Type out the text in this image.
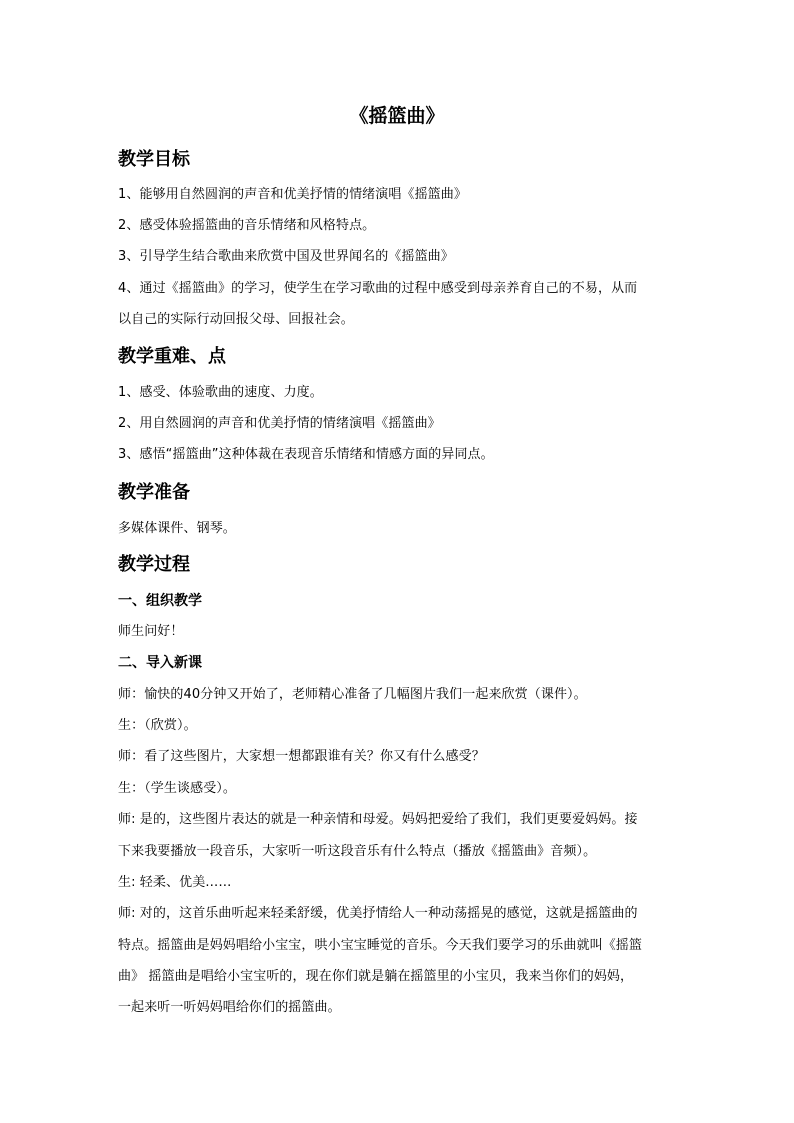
《摇篮曲》
教学目标
1、能够用自然圆润的声音和优美抒情的情绪演唱《摇篮曲》
2、感受体验摇篮曲的音乐情绪和风格特点。
3、引导学生结合歌曲来欣赏中国及世界闻名的《摇篮曲》
4、通过《摇篮曲》的学习，使学生在学习歌曲的过程中感受到母亲养育自己的不易，从而
以自己的实际行动回报父母、回报社会。
教学重难、点
1、感受、体验歌曲的速度、力度。
2、用自然圆润的声音和优美抒情的情绪演唱《摇篮曲》
3、感悟“摇篮曲”这种体裁在表现音乐情绪和情感方面的异同点。
教学准备
多媒体课件、钢琴。
教学过程
一、组织教学
师生问好！
二、导入新课
师：愉快的40分钟又开始了，老师精心准备了几幅图片我们一起来欣赏（课件）。
生：（欣赏）。
师：看了这些图片，大家想一想都跟谁有关？你又有什么感受？
生：（学生谈感受）。
师: 是的，这些图片表达的就是一种亲情和母爱。妈妈把爱给了我们，我们更要爱妈妈。接
下来我要播放一段音乐，大家听一听这段音乐有什么特点（播放《摇篮曲》音频）。
生: 轻柔、优美……
师: 对的，这首乐曲听起来轻柔舒缓，优美抒情给人一种动荡摇晃的感觉，这就是摇篮曲的
特点。摇篮曲是妈妈唱给小宝宝，哄小宝宝睡觉的音乐。今天我们要学习的乐曲就叫《摇篮
曲》 摇篮曲是唱给小宝宝听的，现在你们就是躺在摇篮里的小宝贝，我来当你们的妈妈，
一起来听一听妈妈唱给你们的摇篮曲。
